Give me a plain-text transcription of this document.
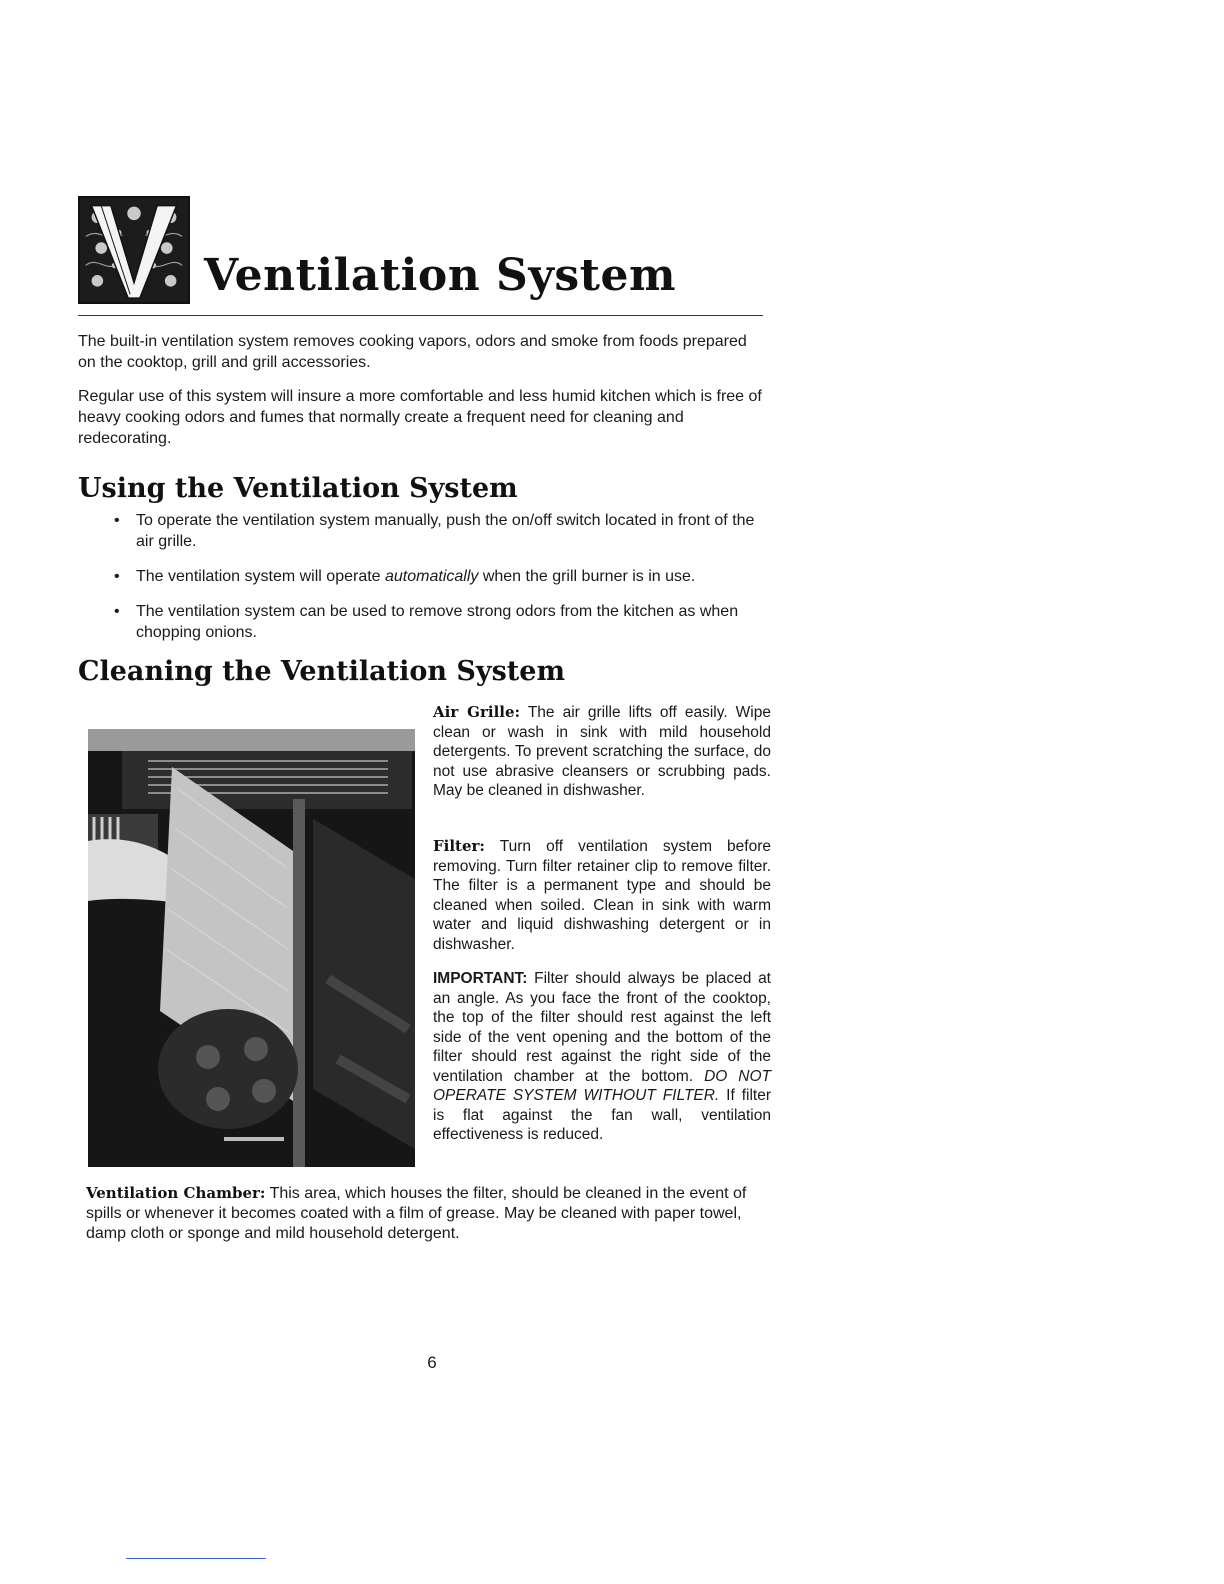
Ventilation System

The built-in ventilation system removes cooking vapors, odors and smoke from foods prepared on the cooktop, grill and grill accessories.

Regular use of this system will insure a more comfortable and less humid kitchen which is free of heavy cooking odors and fumes that normally create a frequent need for cleaning and redecorating.

Using the Ventilation System
• To operate the ventilation system manually, push the on/off switch located in front of the air grille.
• The ventilation system will operate automatically when the grill burner is in use.
• The ventilation system can be used to remove strong odors from the kitchen as when chopping onions.
Cleaning the Ventilation System

Air Grille: The air grille lifts off easily. Wipe clean or wash in sink with mild household detergents. To prevent scratching the surface, do not use abrasive cleansers or scrubbing pads. May be cleaned in dishwasher.

Filter: Turn off ventilation system before removing. Turn filter retainer clip to remove filter. The filter is a permanent type and should be cleaned when soiled. Clean in sink with warm water and liquid dishwashing detergent or in dishwasher.

IMPORTANT: Filter should always be placed at an angle. As you face the front of the cooktop, the top of the filter should rest against the left side of the vent opening and the bottom of the filter should rest against the right side of the ventilation chamber at the bottom. DO NOT OPERATE SYSTEM WITHOUT FILTER. If filter is flat against the fan wall, ventilation effectiveness is reduced.

Ventilation Chamber: This area, which houses the filter, should be cleaned in the event of spills or whenever it becomes coated with a film of grease. May be cleaned with paper towel, damp cloth or sponge and mild household detergent.

6
